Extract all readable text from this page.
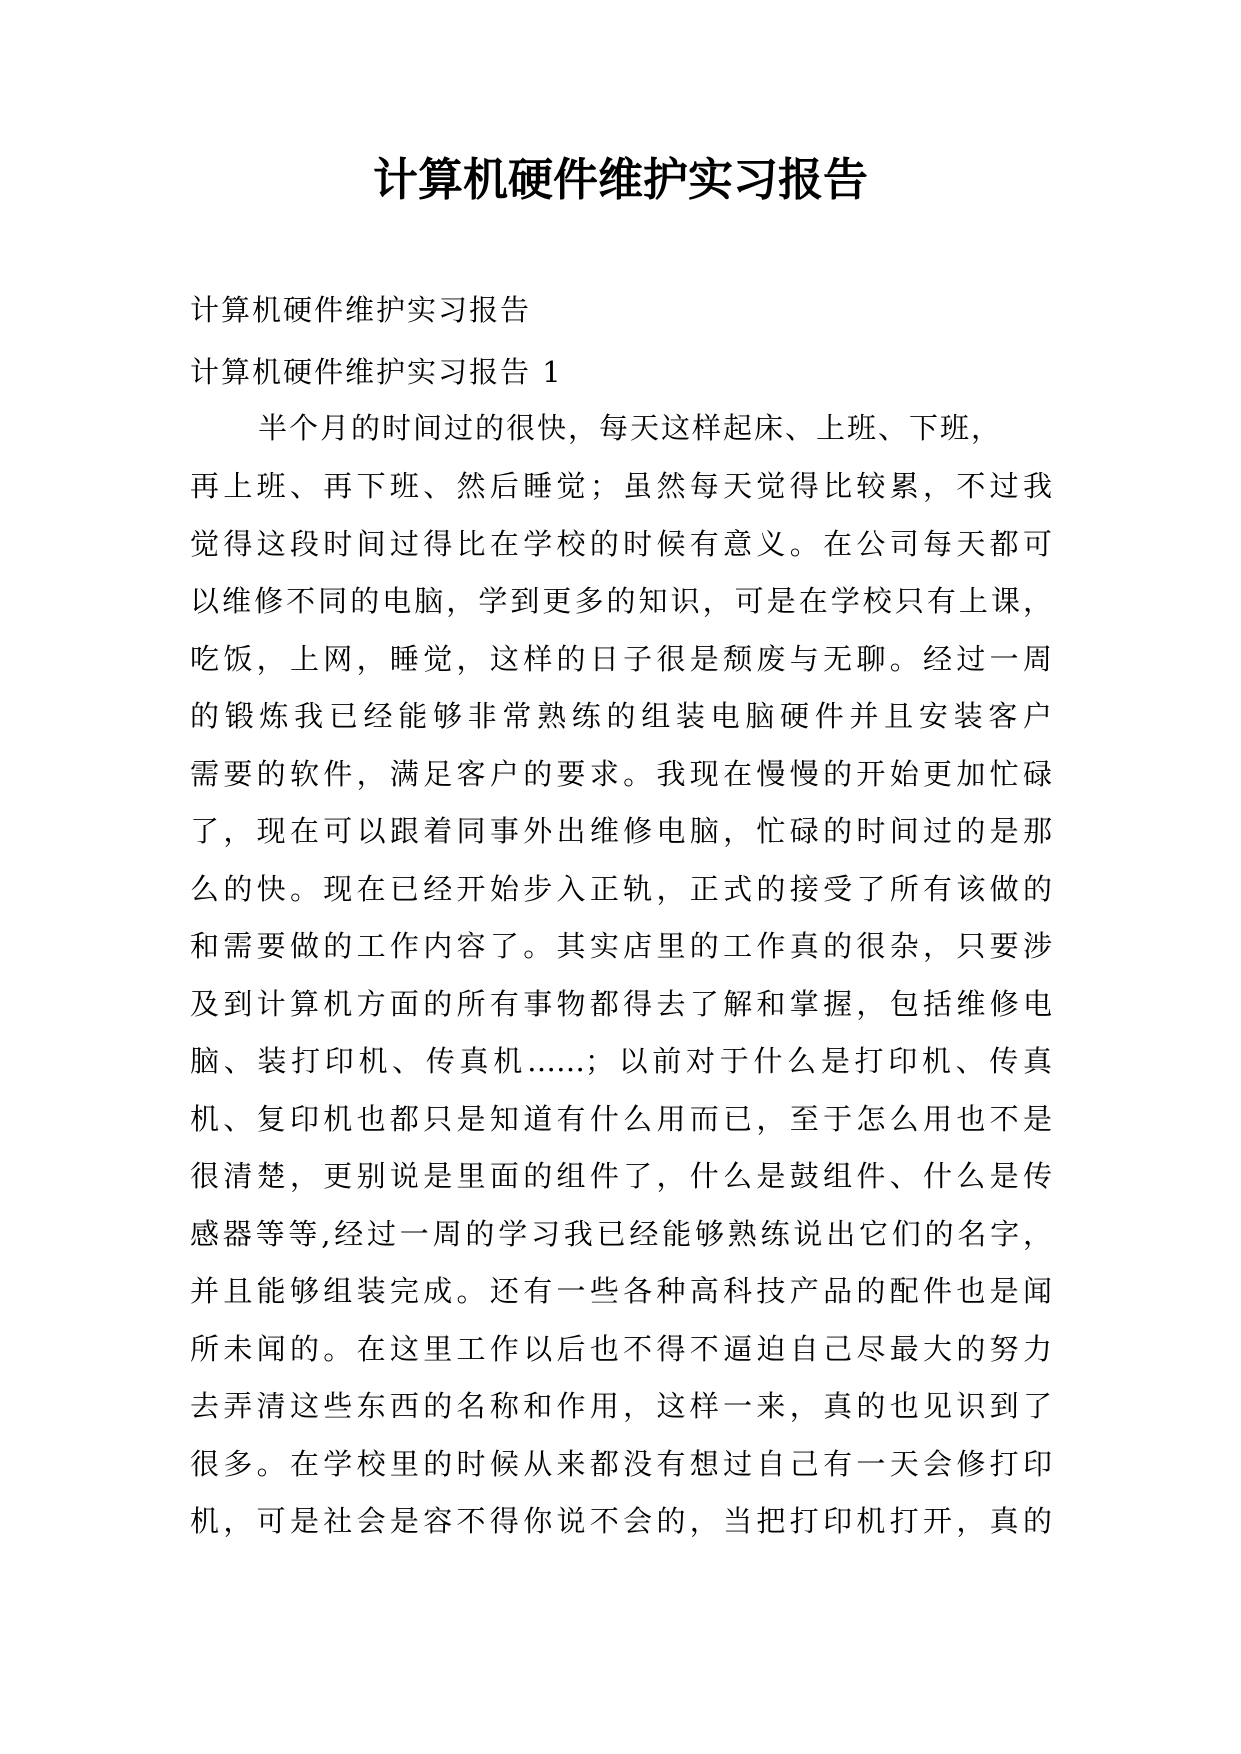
计算机硬件维护实习报告

计算机硬件维护实习报告

计算机硬件维护实习报告 1

半个月的时间过的很快，每天这样起床、上班、下班，

再上班、再下班、然后睡觉；虽然每天觉得比较累，不过我

觉得这段时间过得比在学校的时候有意义。在公司每天都可

以维修不同的电脑，学到更多的知识，可是在学校只有上课，

吃饭，上网，睡觉，这样的日子很是颓废与无聊。经过一周

的锻炼我已经能够非常熟练的组装电脑硬件并且安装客户

需要的软件，满足客户的要求。我现在慢慢的开始更加忙碌

了，现在可以跟着同事外出维修电脑，忙碌的时间过的是那

么的快。现在已经开始步入正轨，正式的接受了所有该做的

和需要做的工作内容了。其实店里的工作真的很杂，只要涉

及到计算机方面的所有事物都得去了解和掌握，包括维修电

脑、装打印机、传真机……；以前对于什么是打印机、传真

机、复印机也都只是知道有什么用而已，至于怎么用也不是

很清楚，更别说是里面的组件了，什么是鼓组件、什么是传

感器等等,经过一周的学习我已经能够熟练说出它们的名字，

并且能够组装完成。还有一些各种高科技产品的配件也是闻

所未闻的。在这里工作以后也不得不逼迫自己尽最大的努力

去弄清这些东西的名称和作用，这样一来，真的也见识到了

很多。在学校里的时候从来都没有想过自己有一天会修打印

机，可是社会是容不得你说不会的，当把打印机打开，真的
